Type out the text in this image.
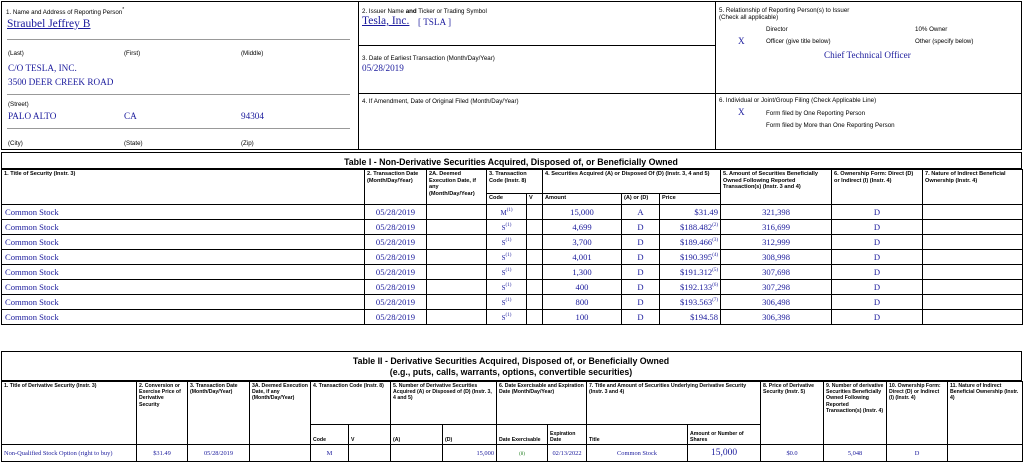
1. Name and Address of Reporting Person*
Straubel Jeffrey B
(Last)	(First)	(Middle)
C/O TESLA, INC.
3500 DEER CREEK ROAD
(Street)
PALO ALTO	CA	94304
(City)	(State)	(Zip)
2. Issuer Name and Ticker or Trading Symbol
Tesla, Inc. [ TSLA ]
3. Date of Earliest Transaction (Month/Day/Year)
05/28/2019
4. If Amendment, Date of Original Filed (Month/Day/Year)
5. Relationship of Reporting Person(s) to Issuer
(Check all applicable)
Director	10% Owner
X	Officer (give title below)	Other (specify below)
Chief Technical Officer
6. Individual or Joint/Group Filing (Check Applicable Line)
X	Form filed by One Reporting Person
Form filed by More than One Reporting Person
Table I - Non-Derivative Securities Acquired, Disposed of, or Beneficially Owned
1. Title of Security (Instr. 3)	2. Transaction Date (Month/Day/Year)	2A. Deemed Execution Date, if any (Month/Day/Year)	3. Transaction Code (Instr. 8)		4. Securities Acquired (A) or Disposed Of (D) (Instr. 3, 4 and 5)			5. Amount of Securities Beneficially Owned Following Reported Transaction(s) (Instr. 3 and 4)	6. Ownership Form: Direct (D) or Indirect (I) (Instr. 4)	7. Nature of Indirect Beneficial Ownership (Instr. 4)
			Code	V	Amount	(A) or (D)	Price			
Common Stock	05/28/2019		$M^{(1)}$		15,000	A	$31.49	321,398	D	
Common Stock	05/28/2019		$S^{(1)}$		4,699	D	$188.482$^{(2)}$	316,699	D	
Common Stock	05/28/2019		$S^{(1)}$		3,700	D	$189.466$^{(3)}$	312,999	D	
Common Stock	05/28/2019		$S^{(1)}$		4,001	D	$190.395$^{(4)}$	308,998	D	
Common Stock	05/28/2019		$S^{(1)}$		1,300	D	$191.312$^{(5)}$	307,698	D	
Common Stock	05/28/2019		$S^{(1)}$		400	D	$192.133$^{(6)}$	307,298	D	
Common Stock	05/28/2019		$S^{(1)}$		800	D	$193.563$^{(7)}$	306,498	D	
Common Stock	05/28/2019		$S^{(1)}$		100	D	$194.58	306,398	D	
Table II - Derivative Securities Acquired, Disposed of, or Beneficially Owned
(e.g., puts, calls, warrants, options, convertible securities)
1. Title of Derivative Security (Instr. 3)	2. Conversion or Exercise Price of Derivative Security	3. Transaction Date (Month/Day/Year)	3A. Deemed Execution Date, if any (Month/Day/Year)	4. Transaction Code (Instr. 8)		5. Number of Derivative Securities Acquired (A) or Disposed of (D) (Instr. 3, 4 and 5)		6. Date Exercisable and Expiration Date (Month/Day/Year)		7. Title and Amount of Securities Underlying Derivative Security (Instr. 3 and 4)		8. Price of Derivative Security (Instr. 5)	9. Number of derivative Securities Beneficially Owned Following Reported Transaction(s) (Instr. 4)	10. Ownership Form: Direct (D) or Indirect (I) (Instr. 4)	11. Nature of Indirect Beneficial Ownership (Instr. 4)
				Code	V	(A)	(D)	Date Exercisable	Expiration Date	Title	Amount or Number of Shares				
Non-Qualified Stock Option (right to buy)	$31.49	05/28/2019		M			15,000	(8)	02/13/2022	Common Stock	15,000	$0.0	5,048	D	
